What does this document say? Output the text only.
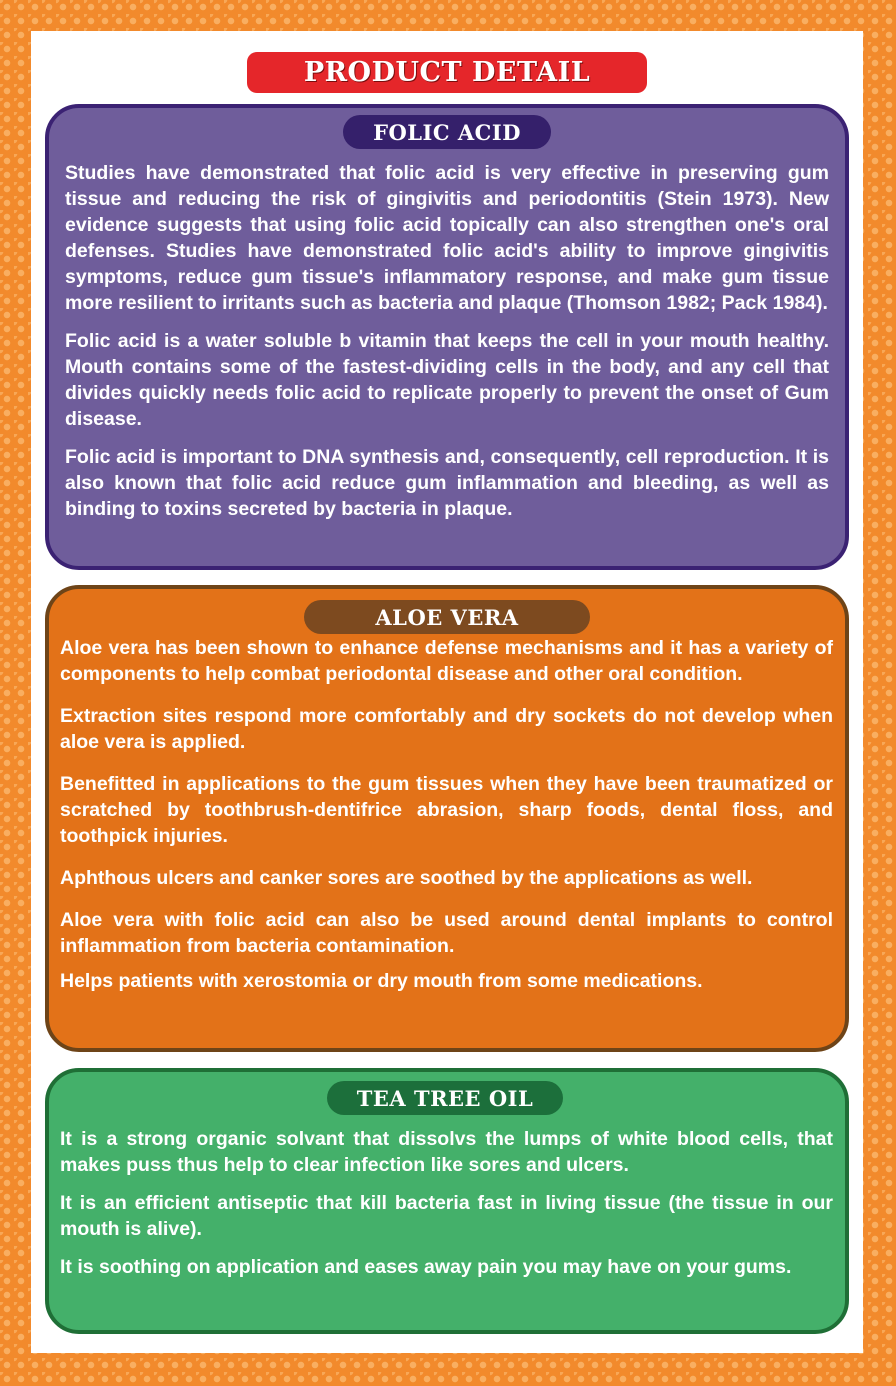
PRODUCT DETAIL

Studies have demonstrated that folic acid is very effective in preserving gum tissue and reducing the risk of gingivitis and periodontitis (Stein 1973). New evidence suggests that using folic acid topically can also strengthen one's oral defenses. Studies have demonstrated folic acid's ability to improve gingivitis symptoms, reduce gum tissue's inflammatory response, and make gum tissue more resilient to irritants such as bacteria and plaque (Thomson 1982; Pack 1984).

Folic acid is a water soluble b vitamin that keeps the cell in your mouth healthy. Mouth contains some of the fastest-dividing cells in the body, and any cell that divides quickly needs folic acid to replicate properly to prevent the onset of Gum disease.

Folic acid is important to DNA synthesis and, consequently, cell reproduction. It is also known that folic acid reduce gum inflammation and bleeding, as well as binding to toxins secreted by bacteria in plaque.

FOLIC ACID

Aloe vera has been shown to enhance defense mechanisms and it has a variety of components to help combat periodontal disease and other oral condition.

Extraction sites respond more comfortably and dry sockets do not develop when aloe vera is applied.

Benefitted in applications to the gum tissues when they have been traumatized or scratched by toothbrush-dentifrice abrasion, sharp foods, dental floss, and toothpick injuries.

Aphthous ulcers and canker sores are soothed by the applications as well.

Aloe vera with folic acid can also be used around dental implants to control inflammation from bacteria contamination.

Helps patients with xerostomia or dry mouth from some medications.

ALOE VERA

It is a strong organic solvant that dissolvs the lumps of white blood cells, that makes puss thus help to clear infection like sores and ulcers.

It is an efficient antiseptic that kill bacteria fast in living tissue (the tissue in our mouth is alive).

It is soothing on application and eases away pain you may have on your gums.

TEA TREE OIL
